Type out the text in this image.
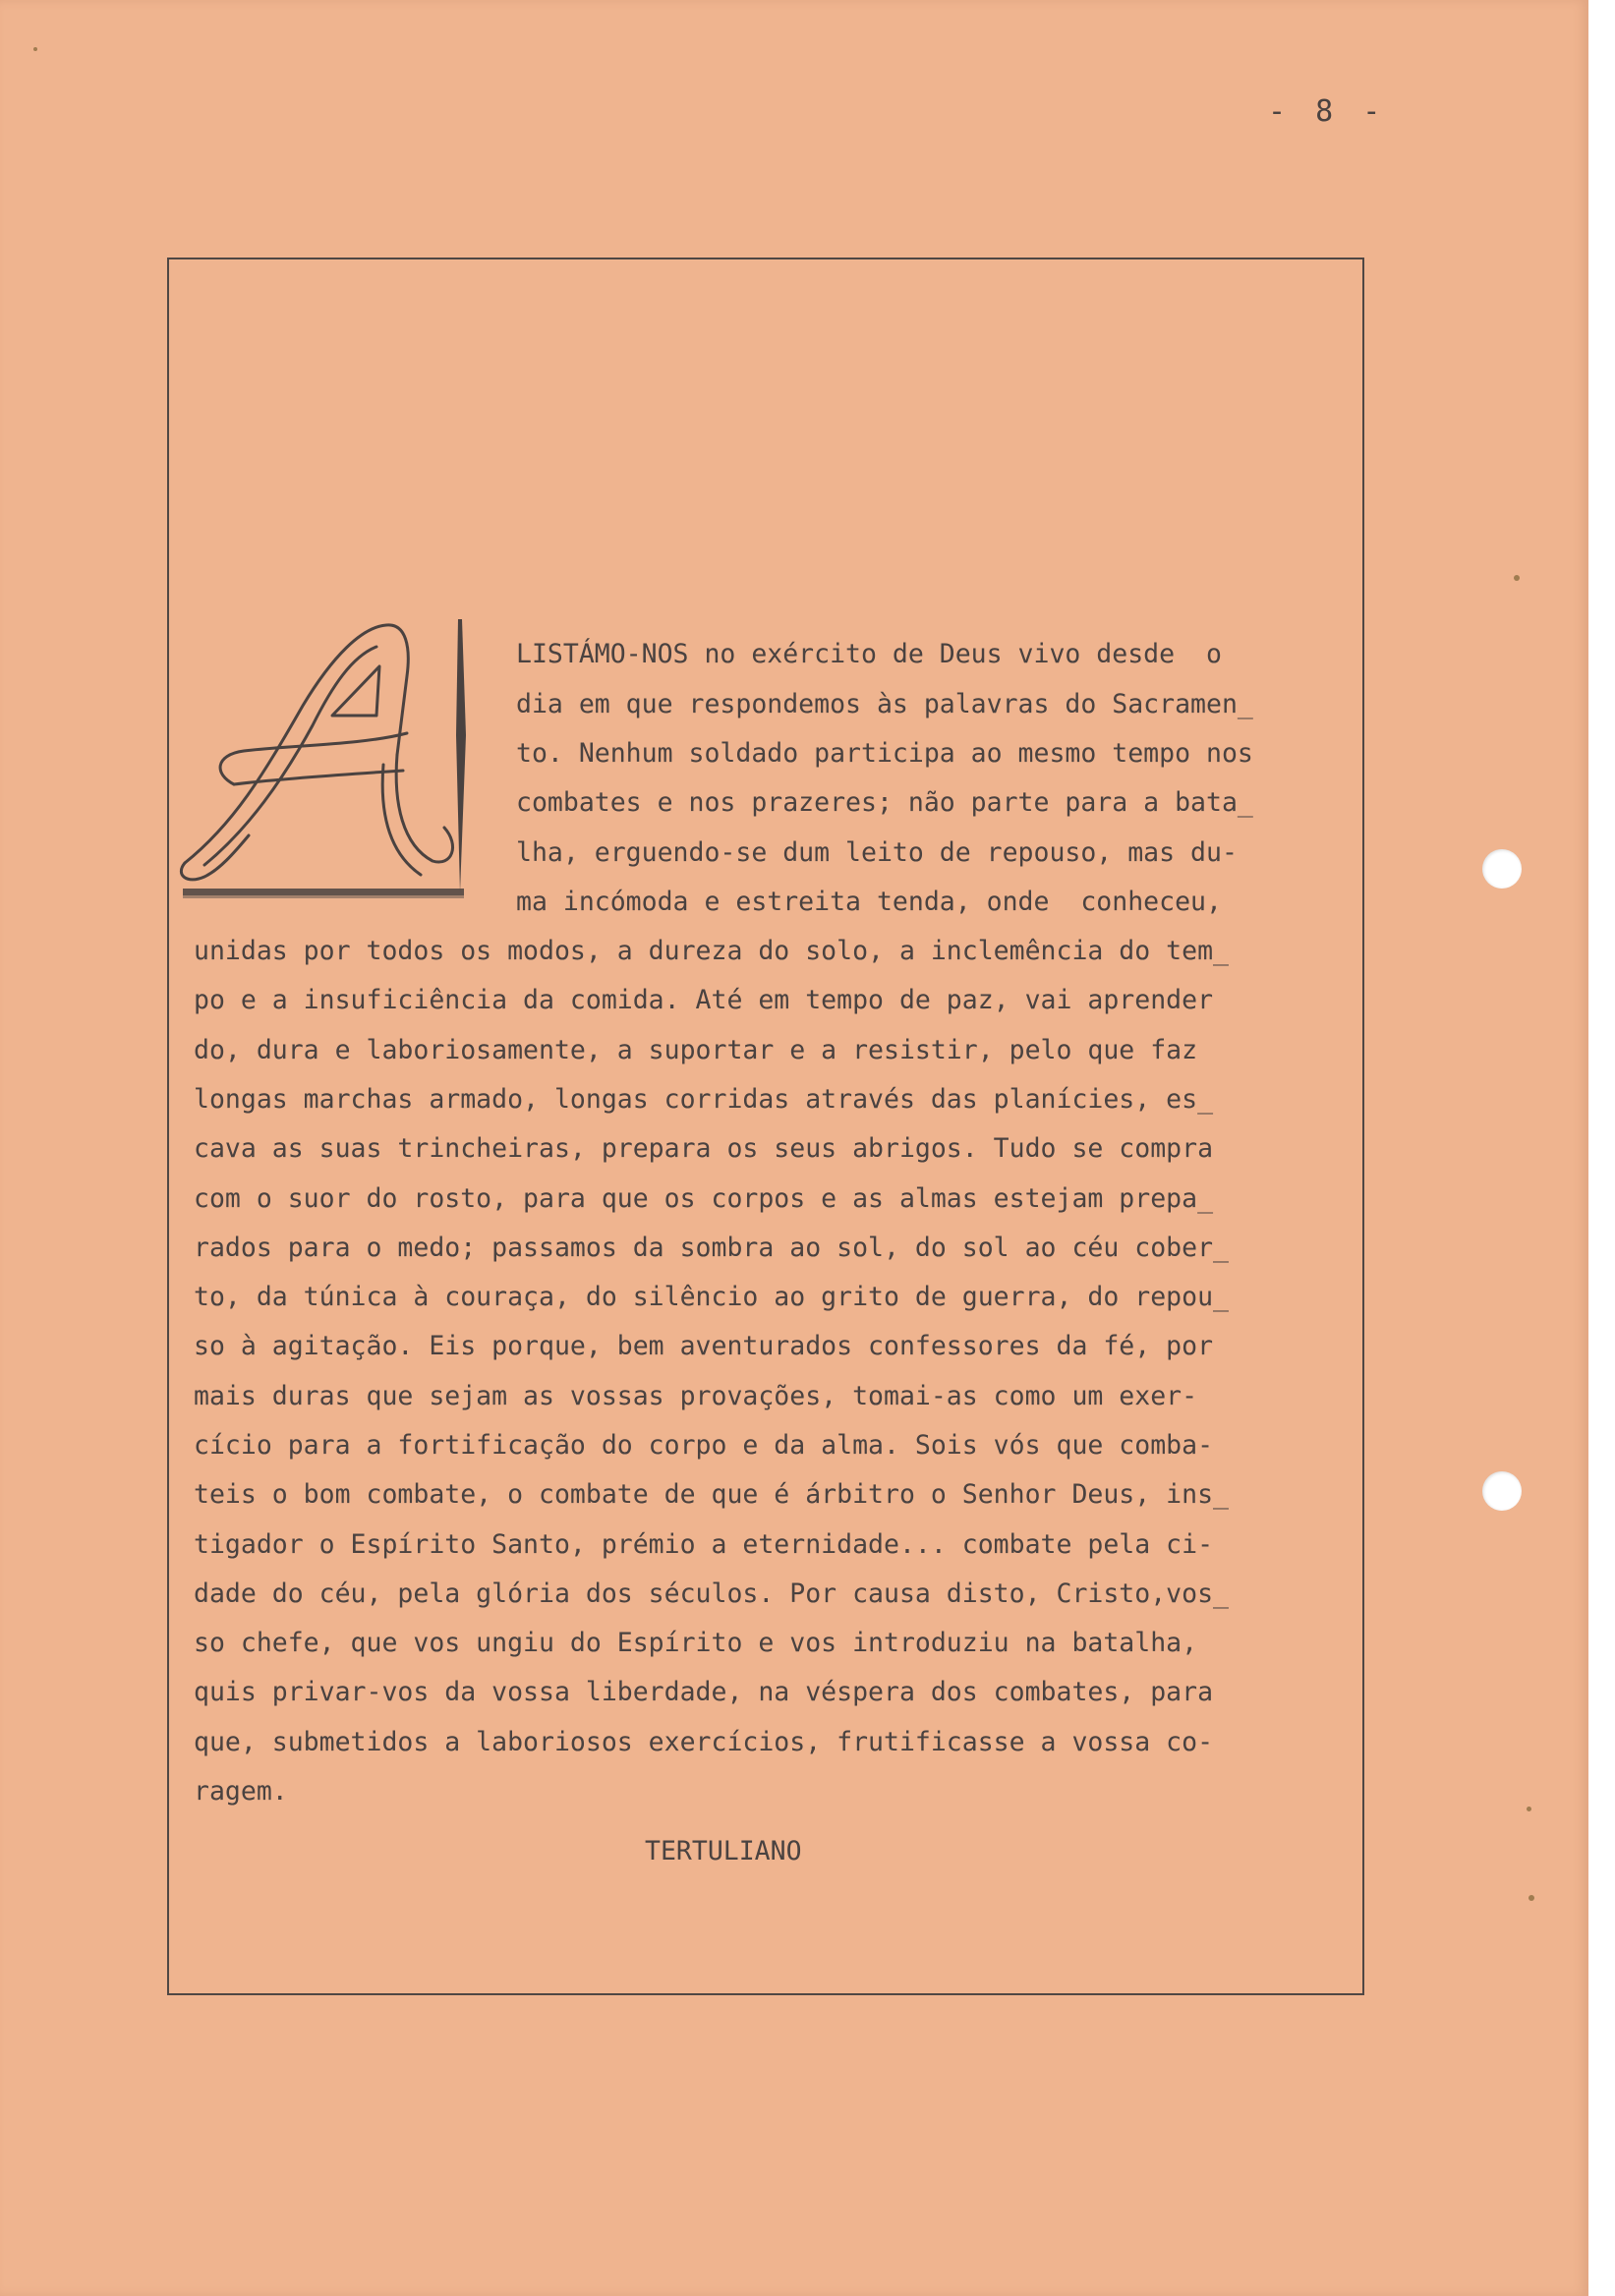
- 8 -

LISTÁMO-NOS no exército de Deus vivo desde  o

dia em que respondemos às palavras do Sacramen_

to. Nenhum soldado participa ao mesmo tempo nos

combates e nos prazeres; não parte para a bata_

lha, erguendo-se dum leito de repouso, mas du-

ma incómoda e estreita tenda, onde  conheceu,

unidas por todos os modos, a dureza do solo, a inclemência do tem_

po e a insuficiência da comida. Até em tempo de paz, vai aprender

do, dura e laboriosamente, a suportar e a resistir, pelo que faz

longas marchas armado, longas corridas através das planícies, es_

cava as suas trincheiras, prepara os seus abrigos. Tudo se compra

com o suor do rosto, para que os corpos e as almas estejam prepa_

rados para o medo; passamos da sombra ao sol, do sol ao céu cober_

to, da túnica à couraça, do silêncio ao grito de guerra, do repou_

so à agitação. Eis porque, bem aventurados confessores da fé, por

mais duras que sejam as vossas provações, tomai-as como um exer-

cício para a fortificação do corpo e da alma. Sois vós que comba-

teis o bom combate, o combate de que é árbitro o Senhor Deus, ins_

tigador o Espírito Santo, prémio a eternidade... combate pela ci-

dade do céu, pela glória dos séculos. Por causa disto, Cristo,vos_

so chefe, que vos ungiu do Espírito e vos introduziu na batalha,

quis privar-vos da vossa liberdade, na véspera dos combates, para

que, submetidos a laboriosos exercícios, frutificasse a vossa co-

ragem.

TERTULIANO
